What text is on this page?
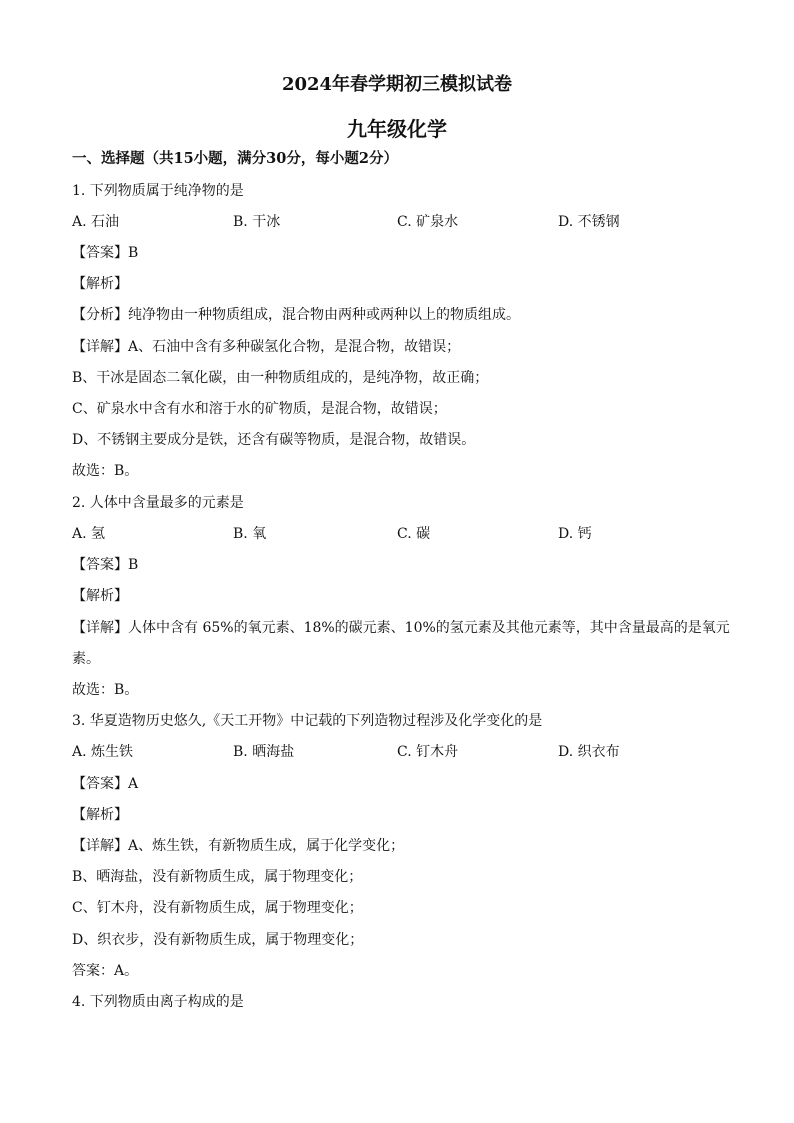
2024年春学期初三模拟试卷
九年级化学
一、选择题（共15小题，满分30分，每小题2分）
1. 下列物质属于纯净物的是
A. 石油	B. 干冰	C. 矿泉水	D. 不锈钢
【答案】B
【解析】
【分析】纯净物由一种物质组成，混合物由两种或两种以上的物质组成。
【详解】A、石油中含有多种碳氢化合物，是混合物，故错误；
B、干冰是固态二氧化碳，由一种物质组成的，是纯净物，故正确；
C、矿泉水中含有水和溶于水的矿物质，是混合物，故错误；
D、不锈钢主要成分是铁，还含有碳等物质，是混合物，故错误。
故选：B。
2. 人体中含量最多的元素是
A. 氢	B. 氧	C. 碳	D. 钙
【答案】B
【解析】
【详解】人体中含有 65%的氧元素、18%的碳元素、10%的氢元素及其他元素等，其中含量最高的是氧元
素。
故选：B。
3. 华夏造物历史悠久,《天工开物》中记载的下列造物过程涉及化学变化的是
A. 炼生铁	B. 晒海盐	C. 钉木舟	D. 织衣布
【答案】A
【解析】
【详解】A、炼生铁，有新物质生成，属于化学变化；
B、晒海盐，没有新物质生成，属于物理变化；
C、钉木舟，没有新物质生成，属于物理变化；
D、织衣步，没有新物质生成，属于物理变化；
答案：A。
4. 下列物质由离子构成的是
